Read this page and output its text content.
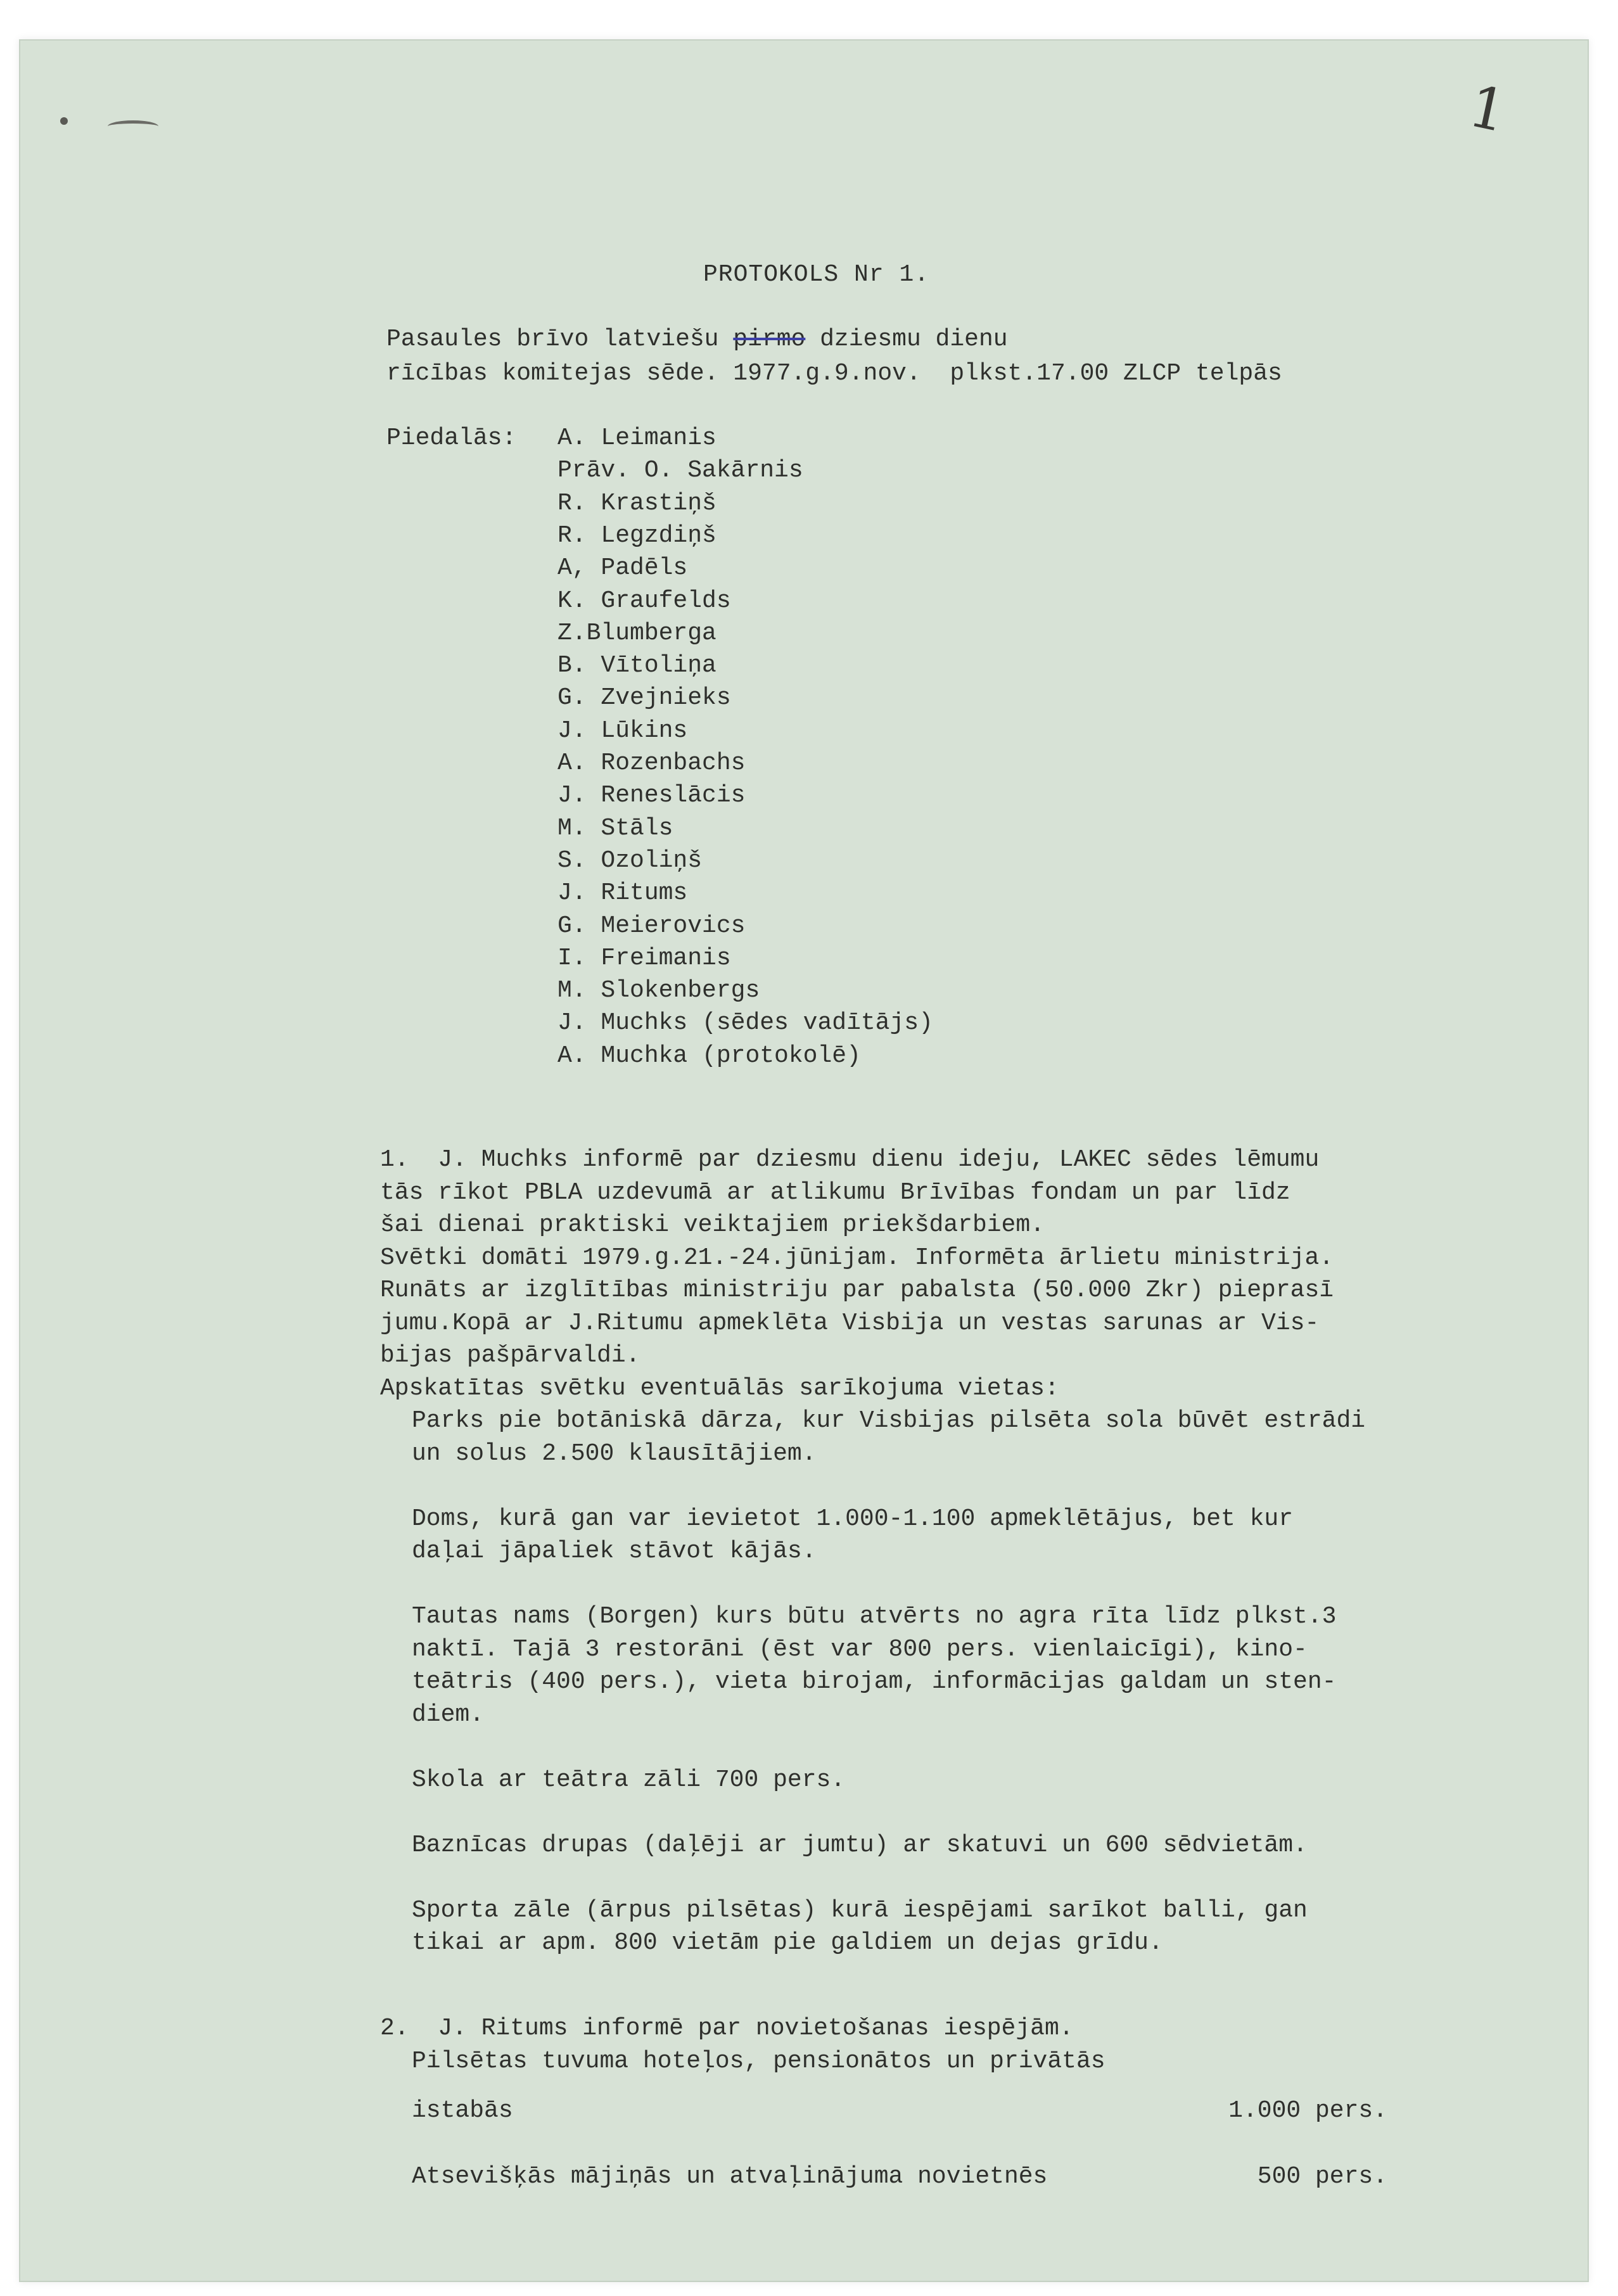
1
PROTOKOLS Nr 1.
Pasaules brīvo latviešu pirmo dziesmu dienu
rīcības komitejas sēde. 1977.g.9.nov.  plkst.17.00 ZLCP telpās
Piedalās: A. Leimanis
Prāv. O. Sakārnis
R. Krastiņš
R. Legzdiņš
A, Padēls
K. Graufelds
Z.Blumberga
B. Vītoliņa
G. Zvejnieks
J. Lūkins
A. Rozenbachs
J. Reneslācis
M. Stāls
S. Ozoliņš
J. Ritums
G. Meierovics
I. Freimanis
M. Slokenbergs
J. Muchks (sēdes vadītājs)
A. Muchka (protokolē)
1.  J. Muchks informē par dziesmu dienu ideju, LAKEC sēdes lēmumu
tās rīkot PBLA uzdevumā ar atlikumu Brīvības fondam un par līdz
šai dienai praktiski veiktajiem priekšdarbiem.
Svētki domāti 1979.g.21.-24.jūnijam. Informēta ārlietu ministrija.
Runāts ar izglītības ministriju par pabalsta (50.000 Zkr) pieprasī
jumu.Kopā ar J.Ritumu apmeklēta Visbija un vestas sarunas ar Vis-
bijas pašpārvaldi.
Apskatītas svētku eventuālās sarīkojuma vietas:
Parks pie botāniskā dārza, kur Visbijas pilsēta sola būvēt estrādi
un solus 2.500 klausītājiem.
Doms, kurā gan var ievietot 1.000-1.100 apmeklētājus, bet kur
daļai jāpaliek stāvot kājās.
Tautas nams (Borgen) kurs būtu atvērts no agra rīta līdz plkst.3
naktī. Tajā 3 restorāni (ēst var 800 pers. vienlaicīgi), kino-
teātris (400 pers.), vieta birojam, informācijas galdam un sten-
diem.
Skola ar teātra zāli 700 pers.
Baznīcas drupas (daļēji ar jumtu) ar skatuvi un 600 sēdvietām.
Sporta zāle (ārpus pilsētas) kurā iespējami sarīkot balli, gan
tikai ar apm. 800 vietām pie galdiem un dejas grīdu.
2.  J. Ritums informē par novietošanas iespējām.
Pilsētas tuvuma hoteļos, pensionātos un privātās
istabās	1.000 pers.
Atsevišķās mājiņās un atvaļinājuma novietnēs	500 pers.
